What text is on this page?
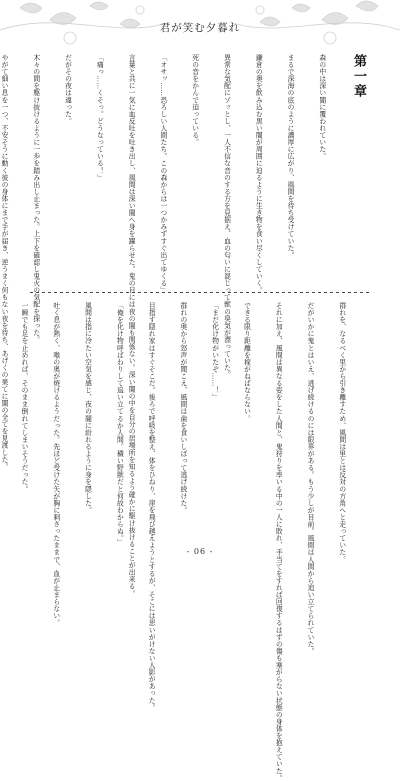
君が笑む夕暮れ
第一章

森の中は深い闇に覆われていた。

まるで深海の底のように濃厚に広がり、風間を待ち受けていた。

鎌倉の奥を飲み込む黒い闇が周囲に迫るように生き物を食い尽くしていく。

異常な気配にゾッとし、一人不信な音のする方を見据え、血の匂いに混じって獣の臭気が漂っていた。

死の音をかんで迫っている。

「オサッ……恐ろしい人間たち。この森からは一つかみずすぐ出てゆくる」

言葉と共に一気に血反吐を吐き出し、風間は深い闇へ身を躍らせた。鬼の目には夜の闇も関係ない。深い闇の中を自分の居場所を知るよう確かに駆け抜けることが出来る。

「痛っ……くそっ。どうなっている！」

だがその夜は違った。

木々の間を駆け抜けるように一歩を踏み出し止まった。上下を確認し鬼火の気配を探った。

やがて細い息を一つ、不安そうに動く彼の身体にまで手が届き、逆うまく何もない夜を待ち、あげくの果てに闇の全てを見渡した。

	群れを、なるべく里から引き離すため、風間は里とは反対の方角へと走っていた。

だがいかに鬼とはいえ、逃げ続けるのには限界がある。もう少しが目前。風間は人間から追い立てられていた。

それに加え、風間は異なる姿をした人間と、鬼狩りを率いる中の一人に敗れ、手当てをすれば回復するはずの傷も塞がらない状態の身体を抱えていた。

できる限り距離を稼がねばならない。

「まだ化け物がいたぞ……！」

群れの奥から怒声が聞こえ、風間は歯を食いしばって逃げ続けた。

目指す隠れ家はすぐそこだ。後ろで呼吸を整え、体をひねり、崖を飛び越えようとするが、そこには思いがけない人影があった。

「俺を化け物呼ばわりして追い立てるか人間。穢い野獣だと何故わからぬ。」

風間は指に冷たい空気を感じ、夜の闇に紛れるように身を隠した。

吐く息が熱く、喉の奥が焼けるようだった。先ほど受けた矢が胸に刺さったままで、血が止まらない。

一瞬でも足を止めれば、そのまま倒れてしまいそうだった。

- 06 -
